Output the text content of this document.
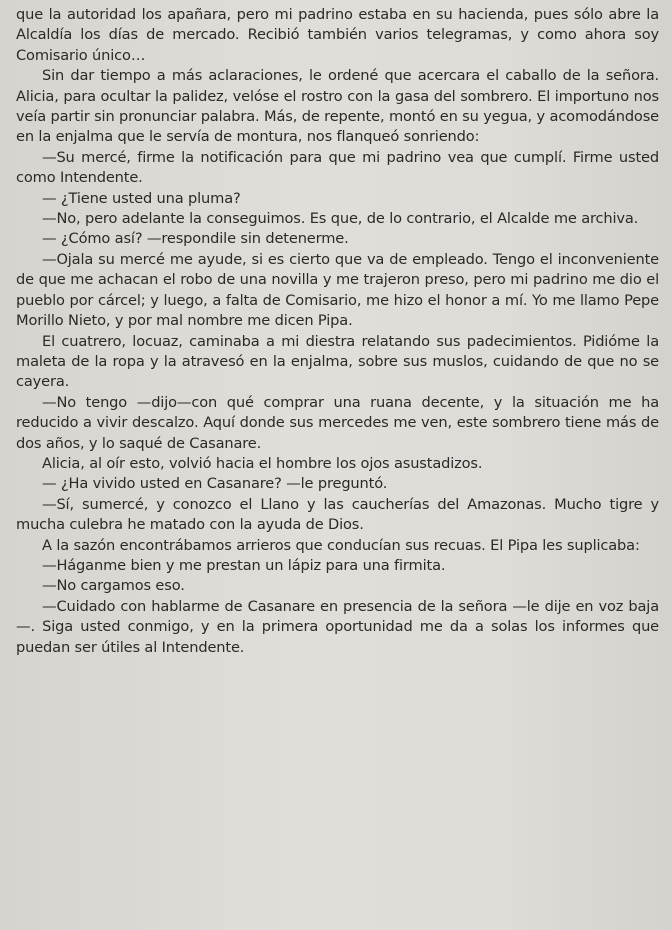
que la autoridad los apañara, pero mi padrino estaba en su hacienda, pues sólo abre la Alcaldía los días de mercado. Recibió también varios telegramas, y como ahora soy Comisario único…

Sin dar tiempo a más aclaraciones, le ordené que acercara el caballo de la señora. Alicia, para ocultar la palidez, velóse el rostro con la gasa del sombrero. El importuno nos veía partir sin pronunciar palabra. Más, de repente, montó en su yegua, y acomodándose en la enjalma que le servía de montura, nos flanqueó sonriendo:

—Su mercé, firme la notificación para que mi padrino vea que cumplí. Firme usted como Intendente.

— ¿Tiene usted una pluma?

—No, pero adelante la conseguimos. Es que, de lo contrario, el Alcalde me archiva.

— ¿Cómo así? —respondile sin detenerme.

—Ojala su mercé me ayude, si es cierto que va de empleado. Tengo el inconveniente de que me achacan el robo de una novilla y me trajeron preso, pero mi padrino me dio el pueblo por cárcel; y luego, a falta de Comisario, me hizo el honor a mí. Yo me llamo Pepe Morillo Nieto, y por mal nombre me dicen Pipa.

El cuatrero, locuaz, caminaba a mi diestra relatando sus padecimientos. Pidióme la maleta de la ropa y la atravesó en la enjalma, sobre sus muslos, cuidando de que no se cayera.

—No tengo —dijo—con qué comprar una ruana decente, y la situación me ha reducido a vivir descalzo. Aquí donde sus mercedes me ven, este sombrero tiene más de dos años, y lo saqué de Casanare.

Alicia, al oír esto, volvió hacia el hombre los ojos asustadizos.

— ¿Ha vivido usted en Casanare? —le preguntó.

—Sí, sumercé, y conozco el Llano y las caucherías del Amazonas. Mucho tigre y mucha culebra he matado con la ayuda de Dios.

A la sazón encontrábamos arrieros que conducían sus recuas. El Pipa les suplicaba:

—Háganme bien y me prestan un lápiz para una firmita.

—No cargamos eso.

—Cuidado con hablarme de Casanare en presencia de la señora —le dije en voz baja—. Siga usted conmigo, y en la primera oportunidad me da a solas los informes que puedan ser útiles al Intendente.
